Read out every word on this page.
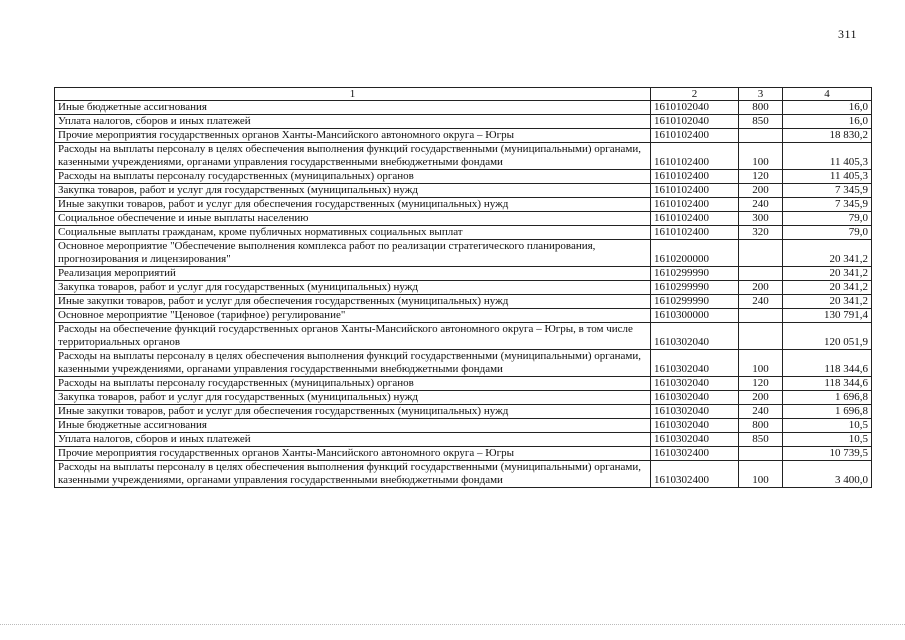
311
1	2	3	4
Иные бюджетные ассигнования	1610102040	800	16,0
Уплата налогов, сборов и иных платежей	1610102040	850	16,0
Прочие мероприятия государственных органов Ханты-Мансийского автономного округа – Югры	1610102400		18 830,2
Расходы на выплаты персоналу в целях обеспечения выполнения функций государственными (муниципальными) органами, казенными учреждениями, органами управления государственными внебюджетными фондами	1610102400	100	11 405,3
Расходы на выплаты персоналу государственных (муниципальных) органов	1610102400	120	11 405,3
Закупка товаров, работ и услуг для государственных (муниципальных) нужд	1610102400	200	7 345,9
Иные закупки товаров, работ и услуг для обеспечения государственных (муниципальных) нужд	1610102400	240	7 345,9
Социальное обеспечение и иные выплаты населению	1610102400	300	79,0
Социальные выплаты гражданам, кроме публичных нормативных социальных выплат	1610102400	320	79,0
Основное мероприятие "Обеспечение выполнения комплекса работ по реализации стратегического планирования, прогнозирования и лицензирования"	1610200000		20 341,2
Реализация мероприятий	1610299990		20 341,2
Закупка товаров, работ и услуг для государственных (муниципальных) нужд	1610299990	200	20 341,2
Иные закупки товаров, работ и услуг для обеспечения государственных (муниципальных) нужд	1610299990	240	20 341,2
Основное мероприятие "Ценовое (тарифное) регулирование"	1610300000		130 791,4
Расходы на обеспечение функций государственных органов Ханты-Мансийского автономного округа – Югры, в том числе территориальных органов	1610302040		120 051,9
Расходы на выплаты персоналу в целях обеспечения выполнения функций государственными (муниципальными) органами, казенными учреждениями, органами управления государственными внебюджетными фондами	1610302040	100	118 344,6
Расходы на выплаты персоналу государственных (муниципальных) органов	1610302040	120	118 344,6
Закупка товаров, работ и услуг для государственных (муниципальных) нужд	1610302040	200	1 696,8
Иные закупки товаров, работ и услуг для обеспечения государственных (муниципальных) нужд	1610302040	240	1 696,8
Иные бюджетные ассигнования	1610302040	800	10,5
Уплата налогов, сборов и иных платежей	1610302040	850	10,5
Прочие мероприятия государственных органов Ханты-Мансийского автономного округа – Югры	1610302400		10 739,5
Расходы на выплаты персоналу в целях обеспечения выполнения функций государственными (муниципальными) органами, казенными учреждениями, органами управления государственными внебюджетными фондами	1610302400	100	3 400,0
